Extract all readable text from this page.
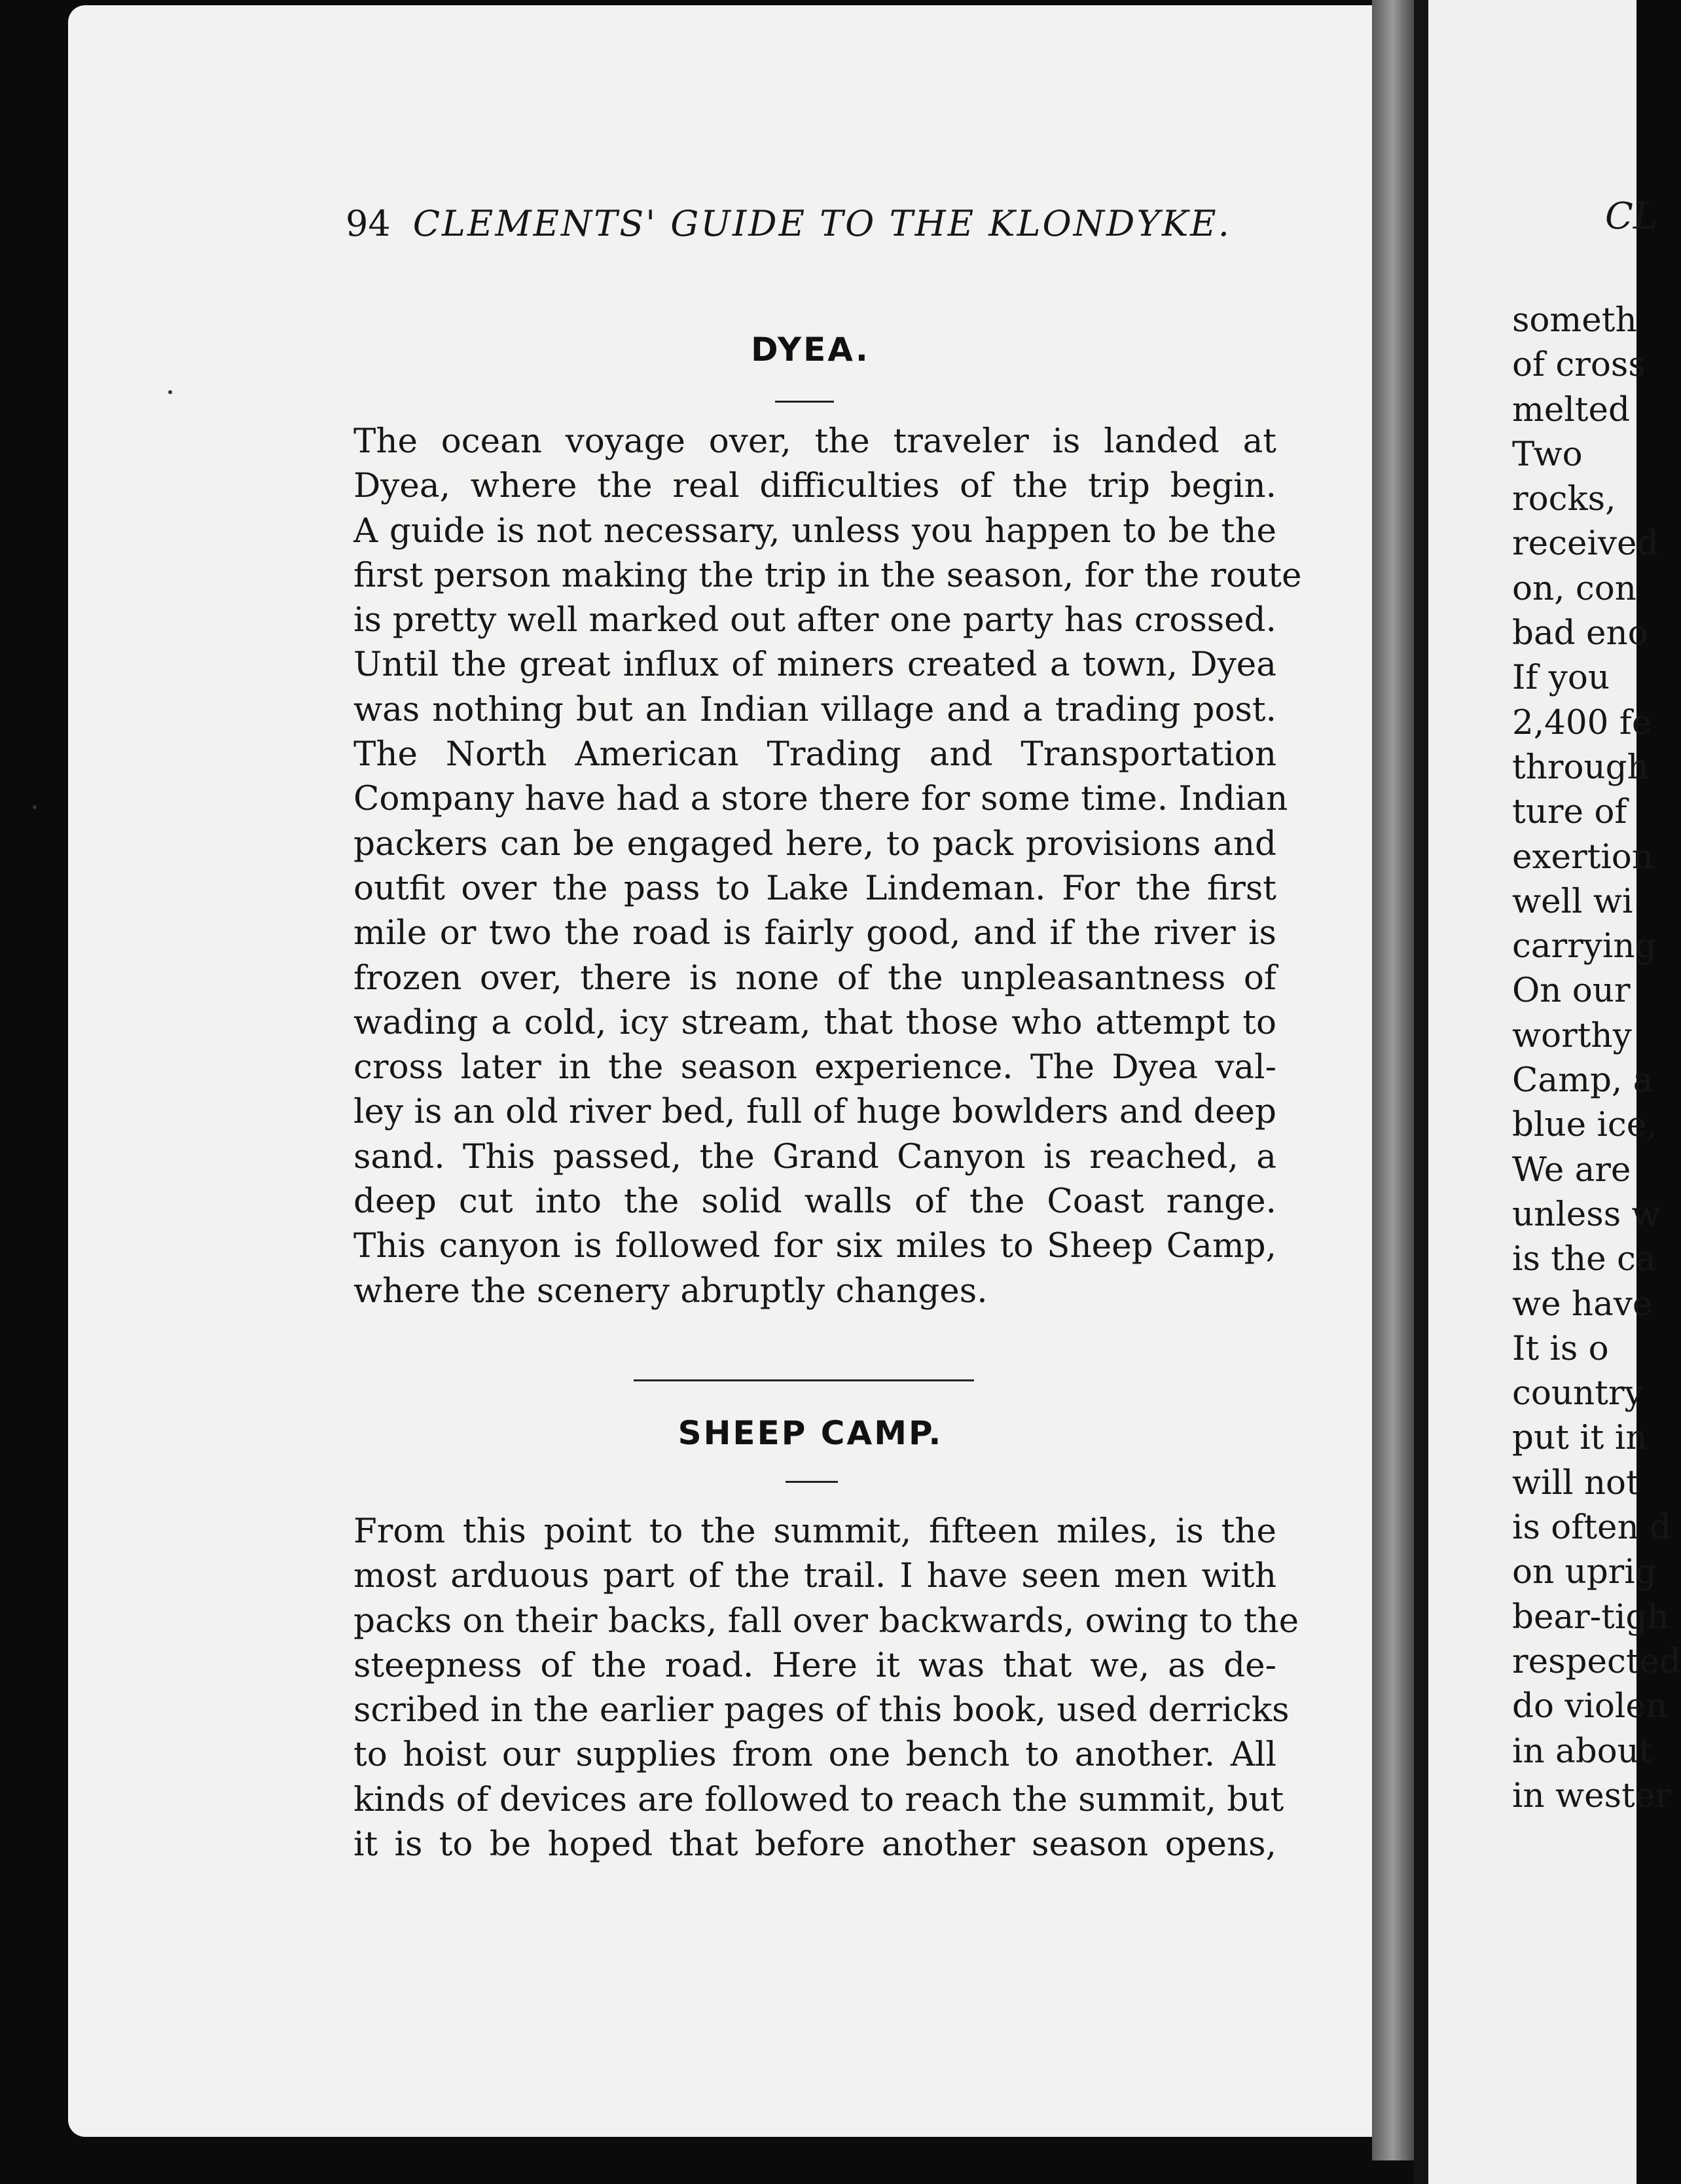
94 CLEMENTS' GUIDE TO THE KLONDYKE.
DYEA.
The ocean voyage over, the traveler is landed at
Dyea, where the real difficulties of the trip begin.
A guide is not necessary, unless you happen to be the
first person making the trip in the season, for the route
is pretty well marked out after one party has crossed.
Until the great influx of miners created a town, Dyea
was nothing but an Indian village and a trading post.
The North American Trading and Transportation
Company have had a store there for some time. Indian
packers can be engaged here, to pack provisions and
outfit over the pass to Lake Lindeman. For the first
mile or two the road is fairly good, and if the river is
frozen over, there is none of the unpleasantness of
wading a cold, icy stream, that those who attempt to
cross later in the season experience. The Dyea val-
ley is an old river bed, full of huge bowlders and deep
sand. This passed, the Grand Canyon is reached, a
deep cut into the solid walls of the Coast range.
This canyon is followed for six miles to Sheep Camp,
where the scenery abruptly changes.
SHEEP CAMP.
From this point to the summit, fifteen miles, is the
most arduous part of the trail. I have seen men with
packs on their backs, fall over backwards, owing to the
steepness of the road. Here it was that we, as de-
scribed in the earlier pages of this book, used derricks
to hoist our supplies from one bench to another. All
kinds of devices are followed to reach the summit, but
it is to be hoped that before another season opens,
CL
someth
of cross
melted
Two
rocks,
received
on, con
bad eno
If you
2,400 fe
through
ture of
exertion
well wi
carrying
On our
worthy
Camp, a
blue ice,
We are
unless w
is the ca
we have
It is o
country
put it in
will not
is often d
on uprig
bear-tigh
respected
do violen
in about
in wester
